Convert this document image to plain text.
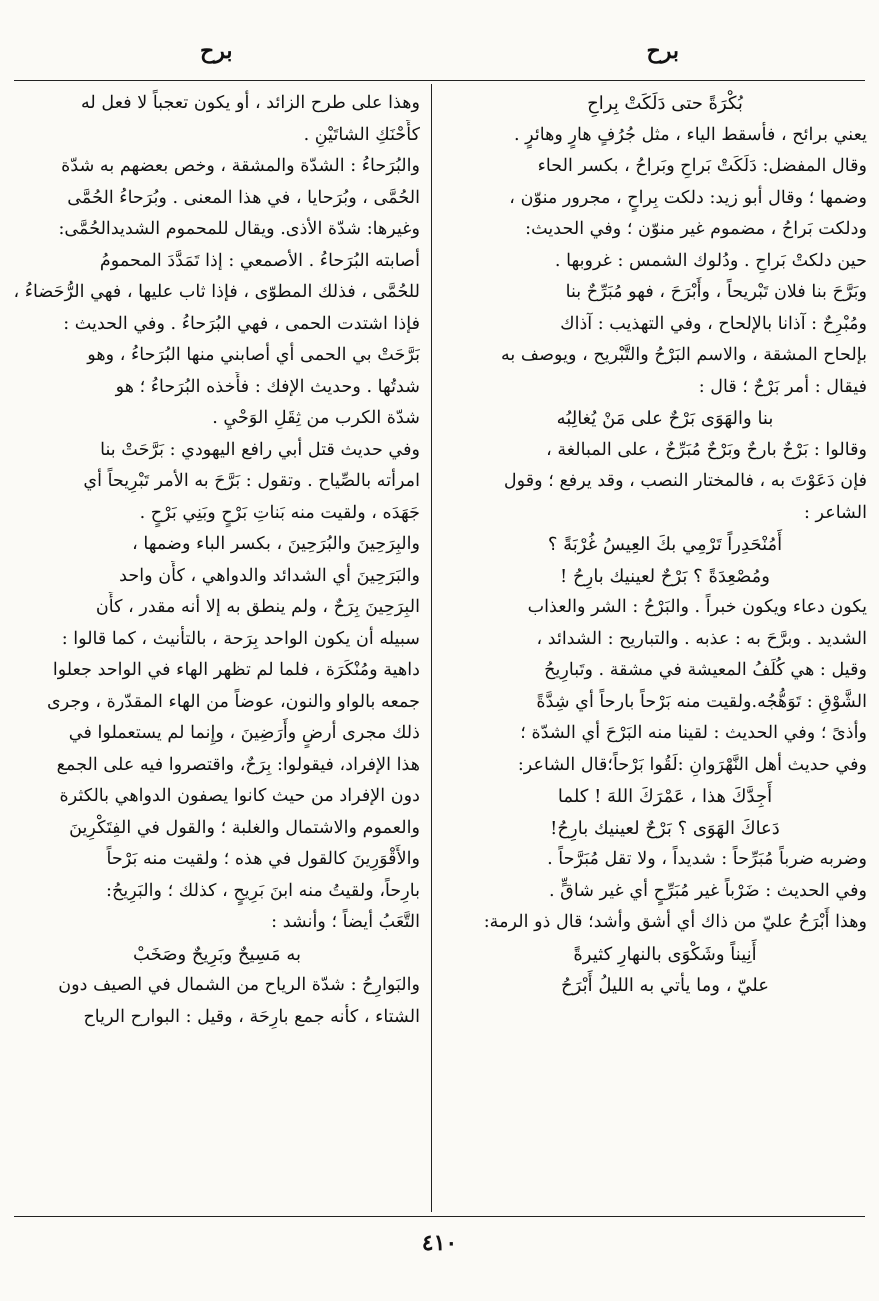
برح
برح

بُكْرَةً حتى دَلَكَتْ بِراحِ

يعني برائح ، فأسقط الياء ، مثل جُرُفٍ هارٍ وهائرٍ .

وقال المفضل: دَلَكَتْ بَراحِ وبَراحُ ، بكسر الحاء

وضمها ؛ وقال أبو زيد: دلكت بِراحٍ ، مجرور منوّن ،

ودلكت بَراحُ ، مضموم غير منوّن ؛ وفي الحديث:

حين دلكتْ بَراحِ . ودُلوك الشمس : غروبها .

وبَرَّحَ بنا فلان تَبْريحاً ، وأَبْرَحَ ، فهو مُبَرِّحٌ بنا

ومُبْرِحٌ : آذانا بالإلحاح ، وفي التهذيب : آذاك

بإلحاح المشقة ، والاسم البَرْحُ والتَّبْريح ، ويوصف به

فيقال : أمر بَرْحٌ ؛ قال :

بنا والهَوَى بَرْحٌ على مَنْ يُغالِبُه

وقالوا : بَرْحٌ بارحٌ وبَرْحٌ مُبَرِّحٌ ، على المبالغة ،

فإن دَعَوْتَ به ، فالمختار النصب ، وقد يرفع ؛ وقول

الشاعر :

أَمُنْحَدِراً تَرْمِي بكَ العِيسُ غُرْبَةً ؟

ومُصْعِدَةً ؟ بَرْحٌ لعينيك بارِحُ !

يكون دعاء ويكون خبراً . والبَرْحُ : الشر والعذاب

الشديد . وبرَّحَ به : عذبه . والتباريح : الشدائد ،

وقيل : هي كُلَفُ المعيشة في مشقة . وتَبارِيحُ

الشَّوْقِ : تَوَهُّجُه.ولقيت منه بَرْحاً بارحاً أي شِدَّةً

وأذىً ؛ وفي الحديث : لقينا منه البَرْحَ أي الشدّة ؛

وفي حديث أهل النَّهْرَوانِ :لَقُوا بَرْحاً؛قال الشاعر:

أَجِدَّكَ هذا ، عَمْرَكَ اللهَ ! كلما

دَعاكَ الهَوَى ؟ بَرْحٌ لعينيك بارِحُ!

وضربه ضرباً مُبَرِّحاً : شديداً ، ولا تقل مُبَرَّحاً .

وفي الحديث : ضَرْباً غير مُبَرِّحٍ أي غير شاقٍّ .

وهذا أَبْرَحُ عليّ من ذاك أي أشق وأشد؛ قال ذو الرمة:

أَنِيناً وشَكْوَى بالنهارِ كثيرةً

عليّ ، وما يأتي به الليلُ أَبْرَحُ

وهذا على طرح الزائد ، أو يكون تعجباً لا فعل له

كأَحْنَكِ الشاتَيْنِ .

والبُرَحاءُ : الشدّة والمشقة ، وخص بعضهم به شدّة

الحُمَّى ، وبُرَحايا ، في هذا المعنى . وبُرَحاءُ الحُمَّى

وغيرها: شدّة الأذى. ويقال للمحموم الشديدالحُمَّى:

أصابته البُرَحاءُ . الأصمعي : إذا تَمَدَّدَ المحمومُ

للحُمَّى ، فذلك المطوّى ، فإذا ثاب عليها ، فهي الرُّحَضاءُ ،

فإذا اشتدت الحمى ، فهي البُرَحاءُ . وفي الحديث :

بَرَّحَتْ بي الحمى أي أصابني منها البُرَحاءُ ، وهو

شدتُها . وحديث الإفك : فأَخذه البُرَحاءُ ؛ هو

شدّة الكرب من ثِقَلِ الوَحْيِ .

وفي حديث قتل أبي رافع اليهودي : بَرَّحَتْ بنا

امرأته بالصِّياح . وتقول : بَرَّحَ به الأمر تَبْرِيحاً أي

جَهَدَه ، ولقيت منه بَناتِ بَرْحٍ وبَنِي بَرْحٍ .

والبِرَحِينَ والبُرَحِينَ ، بكسر الباء وضمها ،

والبَرَحِينَ أي الشدائد والدواهي ، كأَن واحد

البِرَحِينَ بِرَحٌ ، ولم ينطق به إلا أنه مقدر ، كأَن

سبيله أن يكون الواحد بِرَحة ، بالتأنيث ، كما قالوا :

داهية ومُنْكَرَة ، فلما لم تظهر الهاء في الواحد جعلوا

جمعه بالواو والنون، عوضاً من الهاء المقدّرة ، وجرى

ذلك مجرى أرضٍ وأَرَضِينَ ، وإِنما لم يستعملوا في

هذا الإفراد، فيقولوا: بِرَحٌ، واقتصروا فيه على الجمع

دون الإفراد من حيث كانوا يصفون الدواهي بالكثرة

والعموم والاشتمال والغلبة ؛ والقول في الفِتَكْرِينَ

والأَقْوَرِينَ كالقول في هذه ؛ ولقيت منه بَرْحاً

بارِحاً، ولقيتُ منه ابنَ بَرِيحٍ ، كذلك ؛ والبَرِيحُ:

التَّعَبُ أيضاً ؛ وأنشد :

به مَسِيحٌ وبَرِيحٌ وصَخَبْ

والبَوارِحُ : شدّة الرياح من الشمال في الصيف دون

الشتاء ، كأنه جمع بارِحَة ، وقيل : البوارح الرياح

٤١٠
